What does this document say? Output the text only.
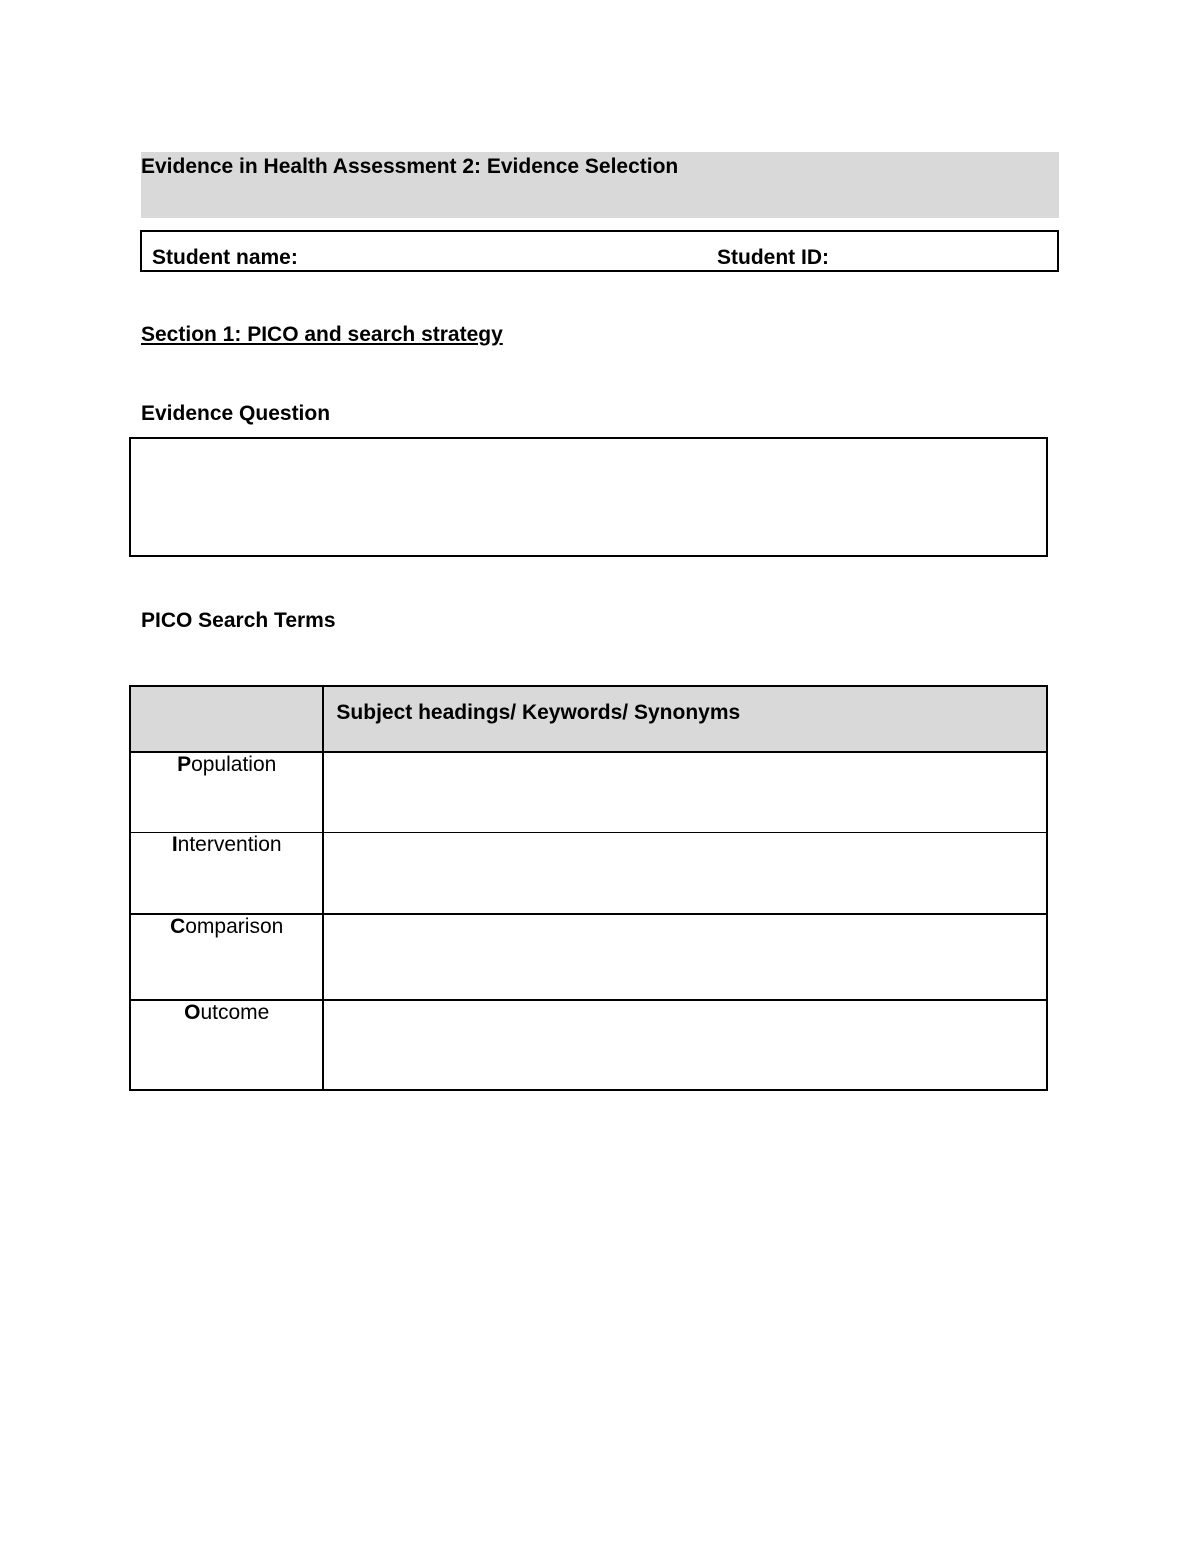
Evidence in Health Assessment 2: Evidence Selection
Student name:	Student ID:
Section 1: PICO and search strategy
Evidence Question
PICO Search Terms

	Subject headings/ Keywords/ Synonyms

Population	
Intervention	
Comparison	
Outcome	
